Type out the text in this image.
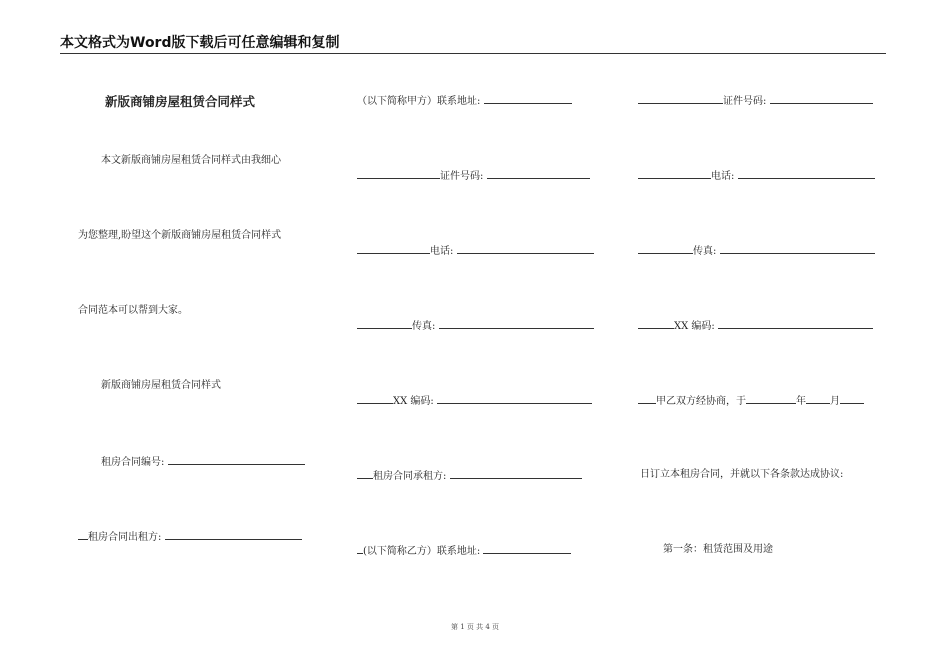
本文格式为Word版下载后可任意编辑和复制
新版商铺房屋租赁合同样式
本文新版商铺房屋租赁合同样式由我细心
为您整理,盼望这个新版商铺房屋租赁合同样式
合同范本可以帮到大家。
新版商铺房屋租赁合同样式
租房合同编号:
租房合同出租方:
（以下简称甲方）联系地址:
证件号码:
电话:
传真:
XX 编码:
租房合同承租方:
(以下简称乙方）联系地址:
证件号码:
电话:
传真:
XX 编码:
甲乙双方经协商，于	年 月
日订立本租房合同，并就以下各条款达成协议:
第一条：租赁范围及用途
第 1 页 共 4 页
